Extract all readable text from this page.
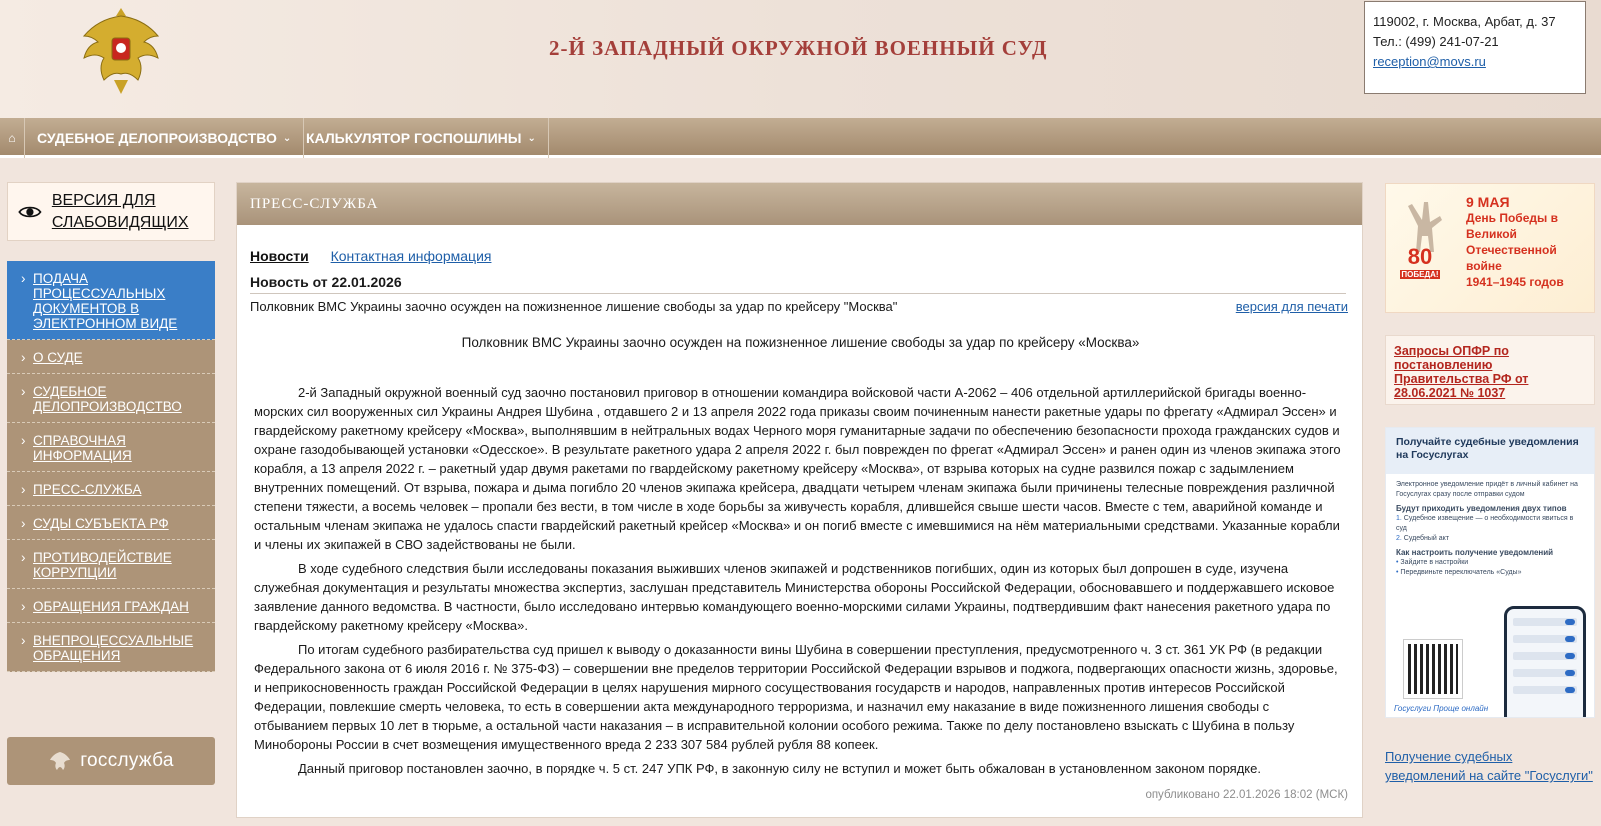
2-Й ЗАПАДНЫЙ ОКРУЖНОЙ ВОЕННЫЙ СУД
119002, г. Москва, Арбат, д. 37
Тел.: (499) 241-07-21
reception@movs.ru
⌂	СУДЕБНОЕ ДЕЛОПРОИЗВОДСТВО ⌄ КАЛЬКУЛЯТОР ГОСПОШЛИНЫ ⌄
ВЕРСИЯ ДЛЯ СЛАБОВИДЯЩИХ
› ПОДАЧА ПРОЦЕССУАЛЬНЫХ ДОКУМЕНТОВ В ЭЛЕКТРОННОМ ВИДЕ
› О СУДЕ
› СУДЕБНОЕ ДЕЛОПРОИЗВОДСТВО
› СПРАВОЧНАЯ ИНФОРМАЦИЯ
› ПРЕСС-СЛУЖБА
› СУДЫ СУБЪЕКТА РФ
› ПРОТИВОДЕЙСТВИЕ КОРРУПЦИИ
› ОБРАЩЕНИЯ ГРАЖДАН
› ВНЕПРОЦЕССУАЛЬНЫЕ ОБРАЩЕНИЯ
госслужба
ПРЕСС-СЛУЖБА
Новости Контактная информация
Новость от 22.01.2026
Полковник ВМС Украины заочно осужден на пожизненное лишение свободы за удар по крейсеру "Москва"	версия для печати
Полковник ВМС Украины заочно осужден на пожизненное лишение свободы за удар по крейсеру «Москва»

2-й Западный окружной военный суд заочно постановил приговор в отношении командира войсковой части А-2062 – 406 отдельной артиллерийской бригады военно-морских сил вооруженных сил Украины Андрея Шубина , отдавшего 2 и 13 апреля 2022 года приказы своим починенным нанести ракетные удары по фрегату «Адмирал Эссен» и гвардейскому ракетному крейсеру «Москва», выполнявшим в нейтральных водах Черного моря гуманитарные задачи по обеспечению безопасности прохода гражданских судов и охране газодобывающей установки «Одесское». В результате ракетного удара 2 апреля 2022 г. был поврежден по фрегат «Адмирал Эссен» и ранен один из членов экипажа этого корабля, а 13 апреля 2022 г. – ракетный удар двумя ракетами по гвардейскому ракетному крейсеру «Москва», от взрыва которых на судне развился пожар с задымлением внутренних помещений. От взрыва, пожара и дыма погибло 20 членов экипажа крейсера, двадцати четырем членам экипажа были причинены телесные повреждения различной степени тяжести, а восемь человек – пропали без вести, в том числе в ходе борьбы за живучесть корабля, длившейся свыше шести часов. Вместе с тем, аварийной команде и остальным членам экипажа не удалось спасти гвардейский ракетный крейсер «Москва» и он погиб вместе с имевшимися на нём материальными средствами. Указанные корабли и члены их экипажей в СВО задействованы не были.

В ходе судебного следствия были исследованы показания выживших членов экипажей и родственников погибших, один из которых был допрошен в суде, изучена служебная документация и результаты множества экспертиз, заслушан представитель Министерства обороны Российской Федерации, обосновавшего и поддержавшего исковое заявление данного ведомства. В частности, было исследовано интервью командующего военно-морскими силами Украины, подтвердившим факт нанесения ракетного удара по гвардейскому ракетному крейсеру «Москва».

По итогам судебного разбирательства суд пришел к выводу о доказанности вины Шубина в совершении преступления, предусмотренного ч. 3 ст. 361 УК РФ (в редакции Федерального закона от 6 июля 2016 г. № 375-ФЗ) – совершении вне пределов территории Российской Федерации взрывов и поджога, подвергающих опасности жизнь, здоровье, и неприкосновенность граждан Российской Федерации в целях нарушения мирного сосуществования государств и народов, направленных против интересов Российской Федерации, повлекшие смерть человека, то есть в совершении акта международного терроризма, и назначил ему наказание в виде пожизненного лишения свободы с отбыванием первых 10 лет в тюрьме, а остальной части наказания – в исправительной колонии особого режима. Также по делу постановлено взыскать с Шубина в пользу Минобороны России в счет возмещения имущественного вреда 2 233 307 584 рублей рубля 88 копеек.

Данный приговор постановлен заочно, в порядке ч. 5 ст. 247 УПК РФ, в законную силу не вступил и может быть обжалован в установленном законом порядке.

опубликовано 22.01.2026 18:02 (МСК)
80
ПОБЕДА!
9 МАЯ
День Победы в Великой Отечественной войне
1941–1945 годов
Запросы ОПФР по постановлению Правительства РФ от 28.06.2021 № 1037
Получайте судебные уведомления на Госуслугах
Электронное уведомление придёт в личный кабинет на Госуслугах сразу после отправки судом
Будут приходить уведомления двух типов
1. Судебное извещение — о необходимости явиться в суд
2. Судебный акт
Как настроить получение уведомлений
• Зайдите в настройки
• Передвиньте переключатель «Суды»
Госуслуги Проще онлайн
Получение судебных уведомлений на сайте "Госуслуги"
